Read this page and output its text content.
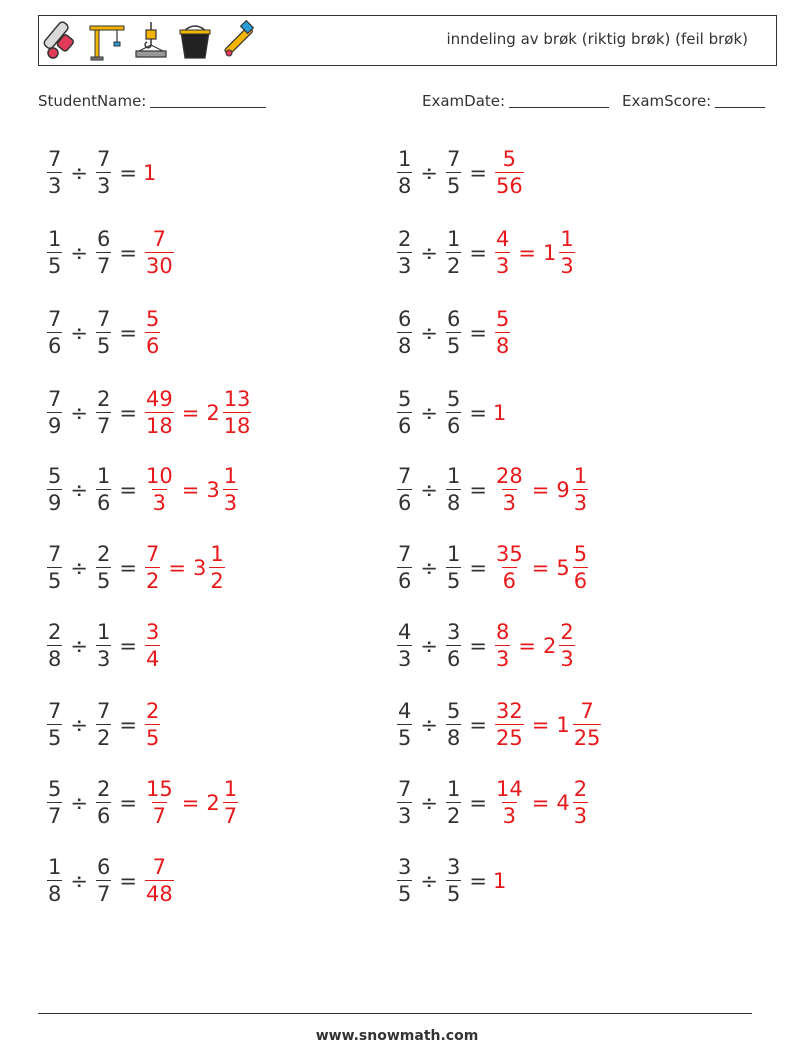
inndeling av brøk (riktig brøk) (feil brøk)
StudentName:	ExamDate:	ExamScore:
$\frac{7}{3} \div \frac{7}{3} = 1$	$\frac{1}{8} \div \frac{7}{5} = \frac{5}{56}$
$\frac{1}{5} \div \frac{6}{7} = \frac{7}{30}$	$\frac{2}{3} \div \frac{1}{2} = \frac{4}{3} = 1 \frac{1}{3}$
$\frac{7}{6} \div \frac{7}{5} = \frac{5}{6}$	$\frac{6}{8} \div \frac{6}{5} = \frac{5}{8}$
$\frac{7}{9} \div \frac{2}{7} = \frac{49}{18} = 2 \frac{13}{18}$	$\frac{5}{6} \div \frac{5}{6} = 1$
$\frac{5}{9} \div \frac{1}{6} = \frac{10}{3} = 3 \frac{1}{3}$	$\frac{7}{6} \div \frac{1}{8} = \frac{28}{3} = 9 \frac{1}{3}$
$\frac{7}{5} \div \frac{2}{5} = \frac{7}{2} = 3 \frac{1}{2}$	$\frac{7}{6} \div \frac{1}{5} = \frac{35}{6} = 5 \frac{5}{6}$
$\frac{2}{8} \div \frac{1}{3} = \frac{3}{4}$	$\frac{4}{3} \div \frac{3}{6} = \frac{8}{3} = 2 \frac{2}{3}$
$\frac{7}{5} \div \frac{7}{2} = \frac{2}{5}$	$\frac{4}{5} \div \frac{5}{8} = \frac{32}{25} = 1 \frac{7}{25}$
$\frac{5}{7} \div \frac{2}{6} = \frac{15}{7} = 2 \frac{1}{7}$	$\frac{7}{3} \div \frac{1}{2} = \frac{14}{3} = 4 \frac{2}{3}$
$\frac{1}{8} \div \frac{6}{7} = \frac{7}{48}$	$\frac{3}{5} \div \frac{3}{5} = 1$
www.snowmath.com
